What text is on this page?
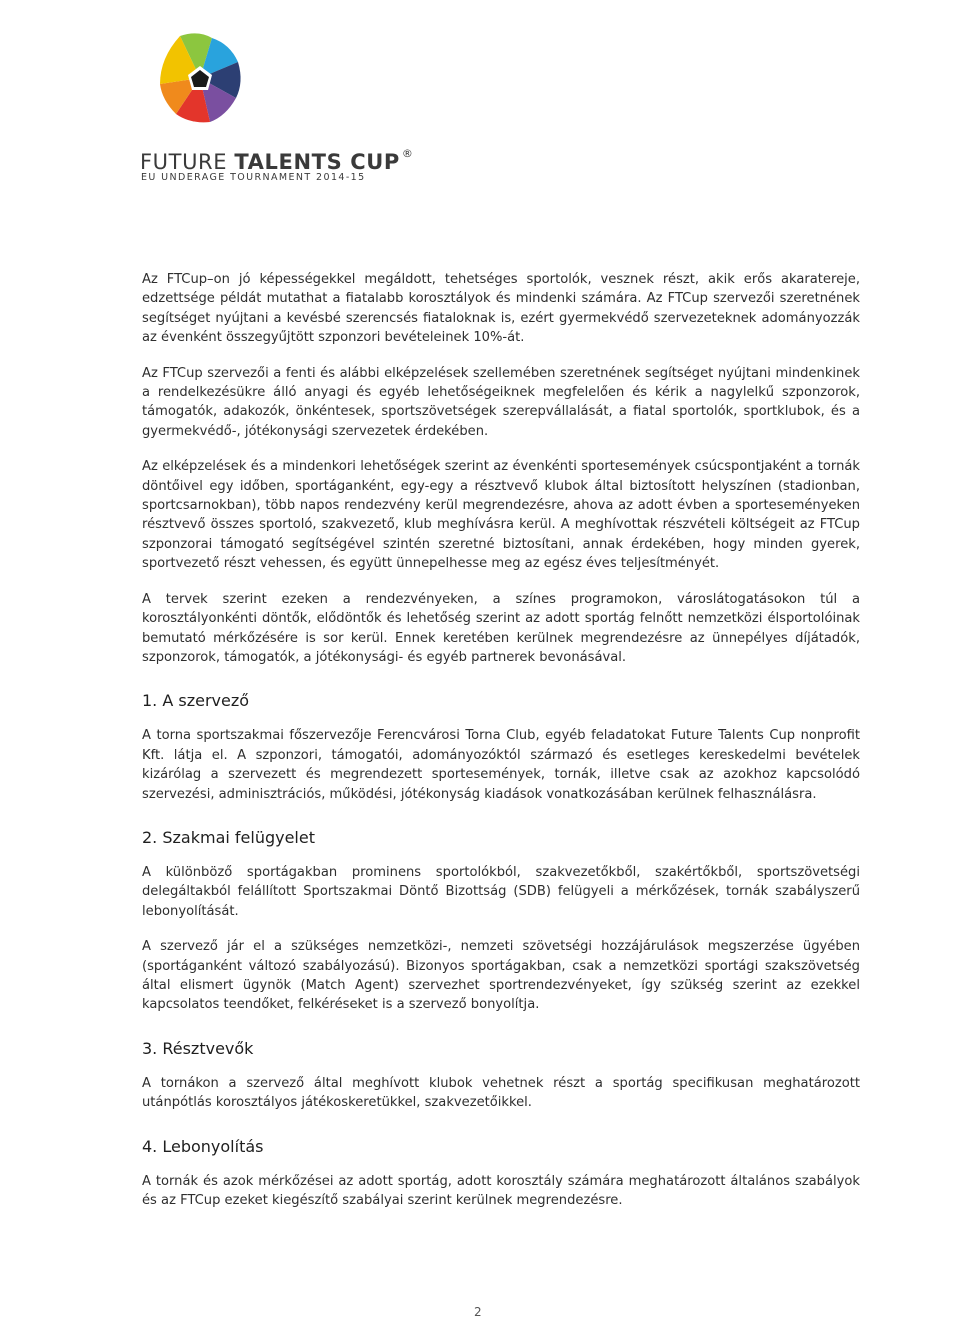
FUTURE TALENTS CUP ®
EU UNDERAGE TOURNAMENT 2014-15

Az FTCup–on jó képességekkel megáldott, tehetséges sportolók, vesznek részt, akik erős akaratereje, edzettsége példát mutathat a fiatalabb korosztályok és mindenki számára. Az FTCup szervezői szeretnének segítséget nyújtani a kevésbé szerencsés fiataloknak is, ezért gyermekvédő szervezeteknek adományozzák az évenként összegyűjtött szponzori bevételeinek 10%-át.

Az FTCup szervezői a fenti és alábbi elképzelések szellemében szeretnének segítséget nyújtani mindenkinek a rendelkezésükre álló anyagi és egyéb lehetőségeiknek megfelelően és kérik a nagylelkű szponzorok, támogatók, adakozók, önkéntesek, sportszövetségek szerepvállalását, a fiatal sportolók, sportklubok, és a gyermekvédő-, jótékonysági szervezetek érdekében.

Az elképzelések és a mindenkori lehetőségek szerint az évenkénti sportesemények csúcspontjaként a tornák döntőivel egy időben, sportáganként, egy-egy a résztvevő klubok által biztosított helyszínen (stadionban, sportcsarnokban), több napos rendezvény kerül megrendezésre, ahova az adott évben a sporteseményeken résztvevő összes sportoló, szakvezető, klub meghívásra kerül. A meghívottak részvételi költségeit az FTCup szponzorai támogató segítségével szintén szeretné biztosítani, annak érdekében, hogy minden gyerek, sportvezető részt vehessen, és együtt ünnepelhesse meg az egész éves teljesítményét.

A tervek szerint ezeken a rendezvényeken, a színes programokon, városlátogatásokon túl a korosztályonkénti döntők, elődöntők és lehetőség szerint az adott sportág felnőtt nemzetközi élsportolóinak bemutató mérkőzésére is sor kerül. Ennek keretében kerülnek megrendezésre az ünnepélyes díjátadók, szponzorok, támogatók, a jótékonysági- és egyéb partnerek bevonásával.

1. A szervező

A torna sportszakmai főszervezője Ferencvárosi Torna Club, egyéb feladatokat Future Talents Cup nonprofit Kft. látja el. A szponzori, támogatói, adományozóktól származó és esetleges kereskedelmi bevételek kizárólag a szervezett és megrendezett sportesemények, tornák, illetve csak az azokhoz kapcsolódó szervezési, adminisztrációs, működési, jótékonyság kiadások vonatkozásában kerülnek felhasználásra.

2. Szakmai felügyelet

A különböző sportágakban prominens sportolókból, szakvezetőkből, szakértőkből, sportszövetségi delegáltakból felállított Sportszakmai Döntő Bizottság (SDB) felügyeli a mérkőzések, tornák szabályszerű lebonyolítását.

A szervező jár el a szükséges nemzetközi-, nemzeti szövetségi hozzájárulások megszerzése ügyében (sportáganként változó szabályozású). Bizonyos sportágakban, csak a nemzetközi sportági szakszövetség által elismert ügynök (Match Agent) szervezhet sportrendezvényeket, így szükség szerint az ezekkel kapcsolatos teendőket, felkéréseket is a szervező bonyolítja.

3. Résztvevők

A tornákon a szervező által meghívott klubok vehetnek részt a sportág specifikusan meghatározott utánpótlás korosztályos játékoskeretükkel, szakvezetőikkel.

4. Lebonyolítás

A tornák és azok mérkőzései az adott sportág, adott korosztály számára meghatározott általános szabályok és az FTCup ezeket kiegészítő szabályai szerint kerülnek megrendezésre.

2
